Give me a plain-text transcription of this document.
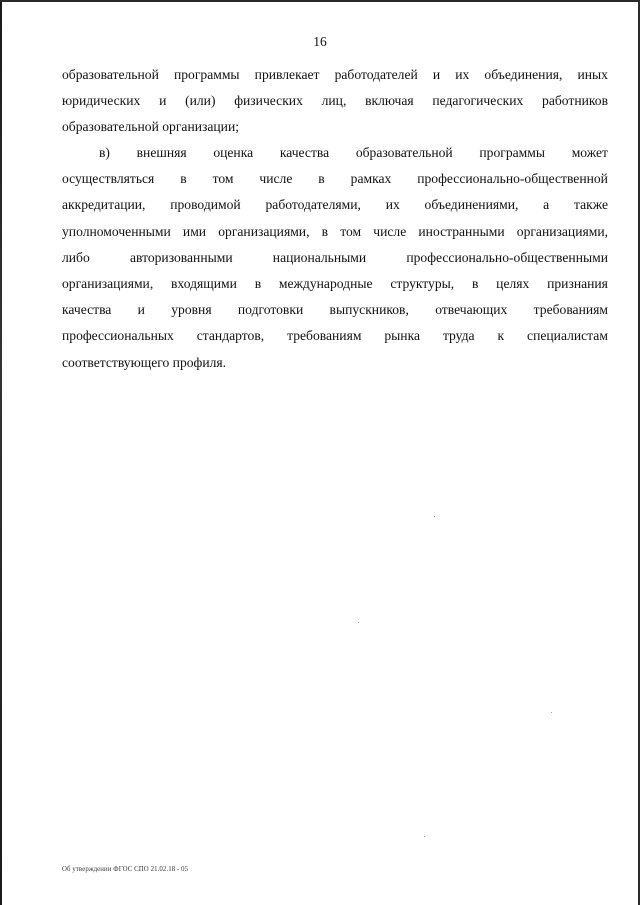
16
образовательной программы привлекает работодателей и их объединения, иных
юридических и (или) физических лиц, включая педагогических работников
образовательной организации;
в) внешняя оценка качества образовательной программы может
осуществляться в том числе в рамках профессионально-общественной
аккредитации, проводимой работодателями, их объединениями, а также
уполномоченными ими организациями, в том числе иностранными организациями,
либо	авторизованными	национальными	профессионально-общественными
организациями, входящими в международные структуры, в целях признания
качества и уровня подготовки выпускников, отвечающих требованиям
профессиональных стандартов, требованиям рынка труда к специалистам
соответствующего профиля.
Об утверждении ФГОС СПО 21.02.18 - 05
